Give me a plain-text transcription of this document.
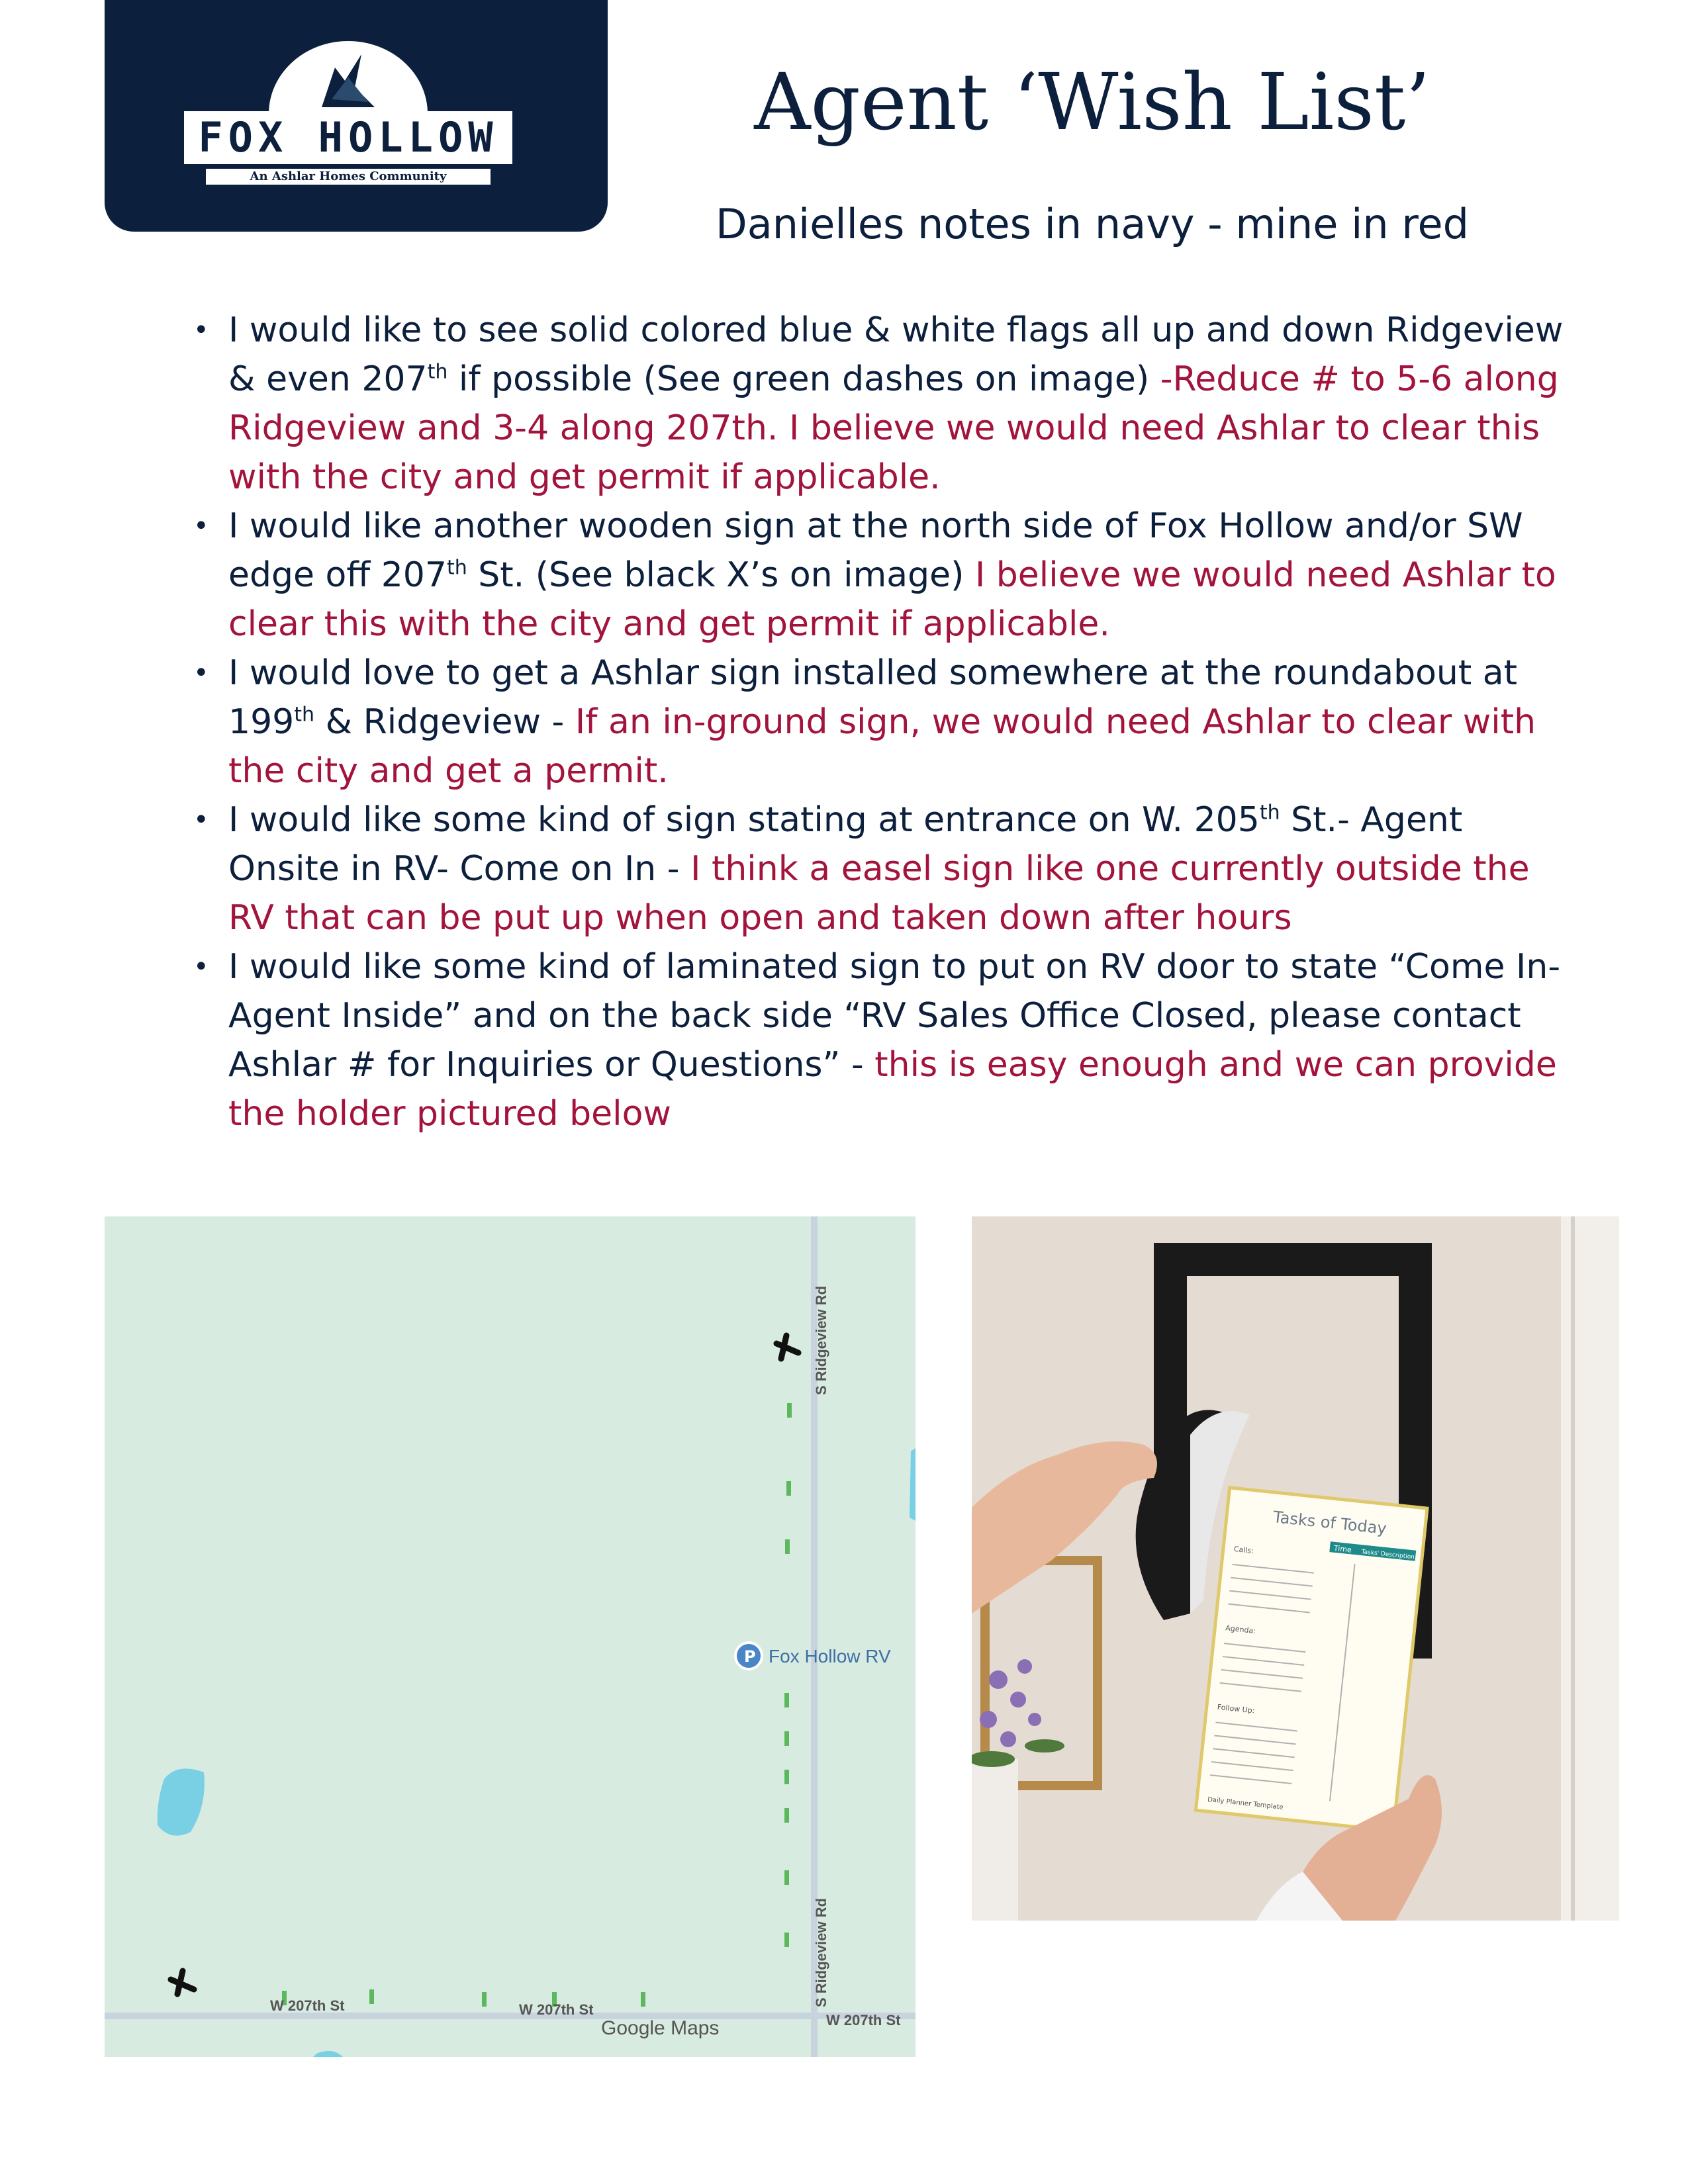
FOX HOLLOW
An Ashlar Homes Community
Agent ‘Wish List’
Danielles notes in navy - mine in red
• I would like to see solid colored blue & white flags all up and down Ridgeview & even 207th if possible (See green dashes on image) -Reduce # to 5-6 along Ridgeview and 3-4 along 207th. I believe we would need Ashlar to clear this with the city and get permit if applicable.
• I would like another wooden sign at the north side of Fox Hollow and/or SW edge off 207th St. (See black X’s on image) I believe we would need Ashlar to clear this with the city and get permit if applicable.
• I would love to get a Ashlar sign installed somewhere at the roundabout at 199th & Ridgeview - If an in-ground sign, we would need Ashlar to clear with the city and get a permit.
• I would like some kind of sign stating at entrance on W. 205th St.- Agent Onsite in RV- Come on In - I think a easel sign like one currently outside the RV that can be put up when open and taken down after hours
• I would like some kind of laminated sign to put on RV door to state “Come In-Agent Inside” and on the back side “RV Sales Office Closed, please contact Ashlar # for Inquiries or Questions” - this is easy enough and we can provide the holder pictured below
P Fox Hollow RV
S Ridgeview Rd
S Ridgeview Rd
W 207th St	W 207th St
W 207th St
Google Maps
Tasks of Today
Time Tasks' Description
Calls:
Agenda:
Follow Up:
Daily Planner Template
